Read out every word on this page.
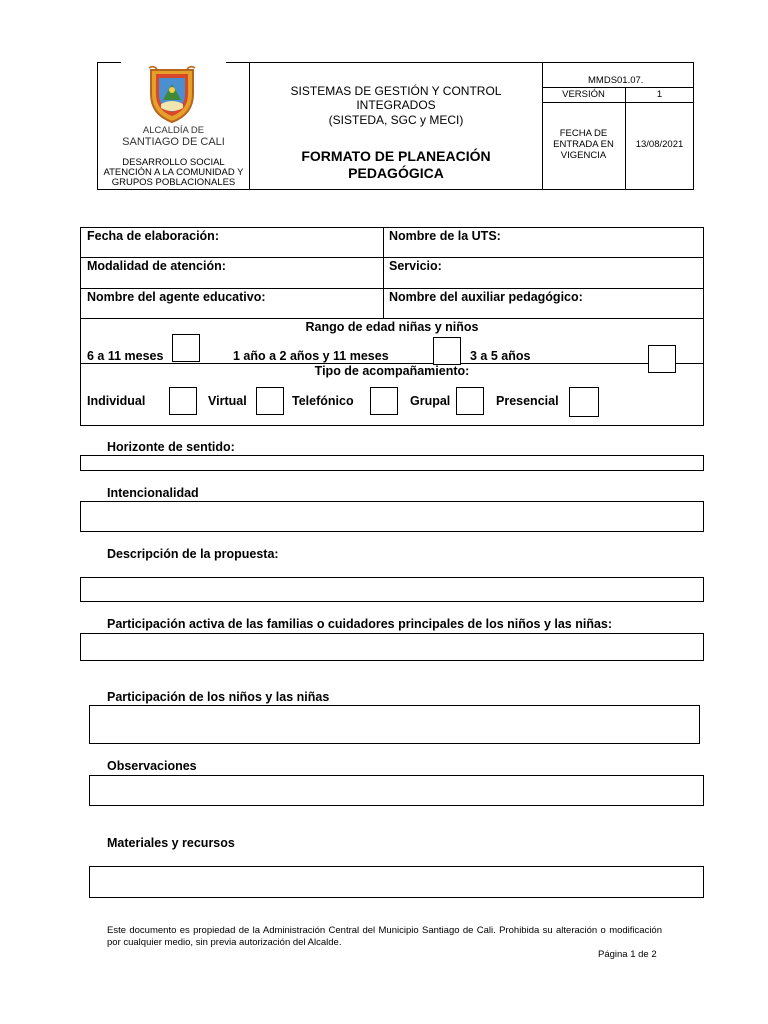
ALCALDÍA DE
SANTIAGO DE CALI
DESARROLLO SOCIAL
ATENCIÓN A LA COMUNIDAD Y
GRUPOS POBLACIONALES
SISTEMAS DE GESTIÓN Y CONTROL
INTEGRADOS
(SISTEDA, SGC y MECI)
FORMATO DE PLANEACIÓN
PEDAGÓGICA
MMDS01.07.
VERSIÓN	1
FECHA DE
ENTRADA EN
VIGENCIA
13/08/2021
Fecha de elaboración:	Nombre de la UTS:
Modalidad de atención:	Servicio:
Nombre del agente educativo:	Nombre del auxiliar pedagógico:
Rango de edad niñas y niños
6 a 11 meses	1 año a 2 años y 11 meses	3 a 5 años
Tipo de acompañamiento:
Individual	Virtual	Telefónico	Grupal	Presencial
Horizonte de sentido:
Intencionalidad
Descripción de la propuesta:
Participación activa de las familias o cuidadores principales de los niños y las niñas:
Participación de los niños y las niñas
Observaciones
Materiales y recursos
Este documento es propiedad de la Administración Central del Municipio Santiago de Cali. Prohibida su alteración o modificación por cualquier medio, sin previa autorización del Alcalde.
Página 1 de 2
